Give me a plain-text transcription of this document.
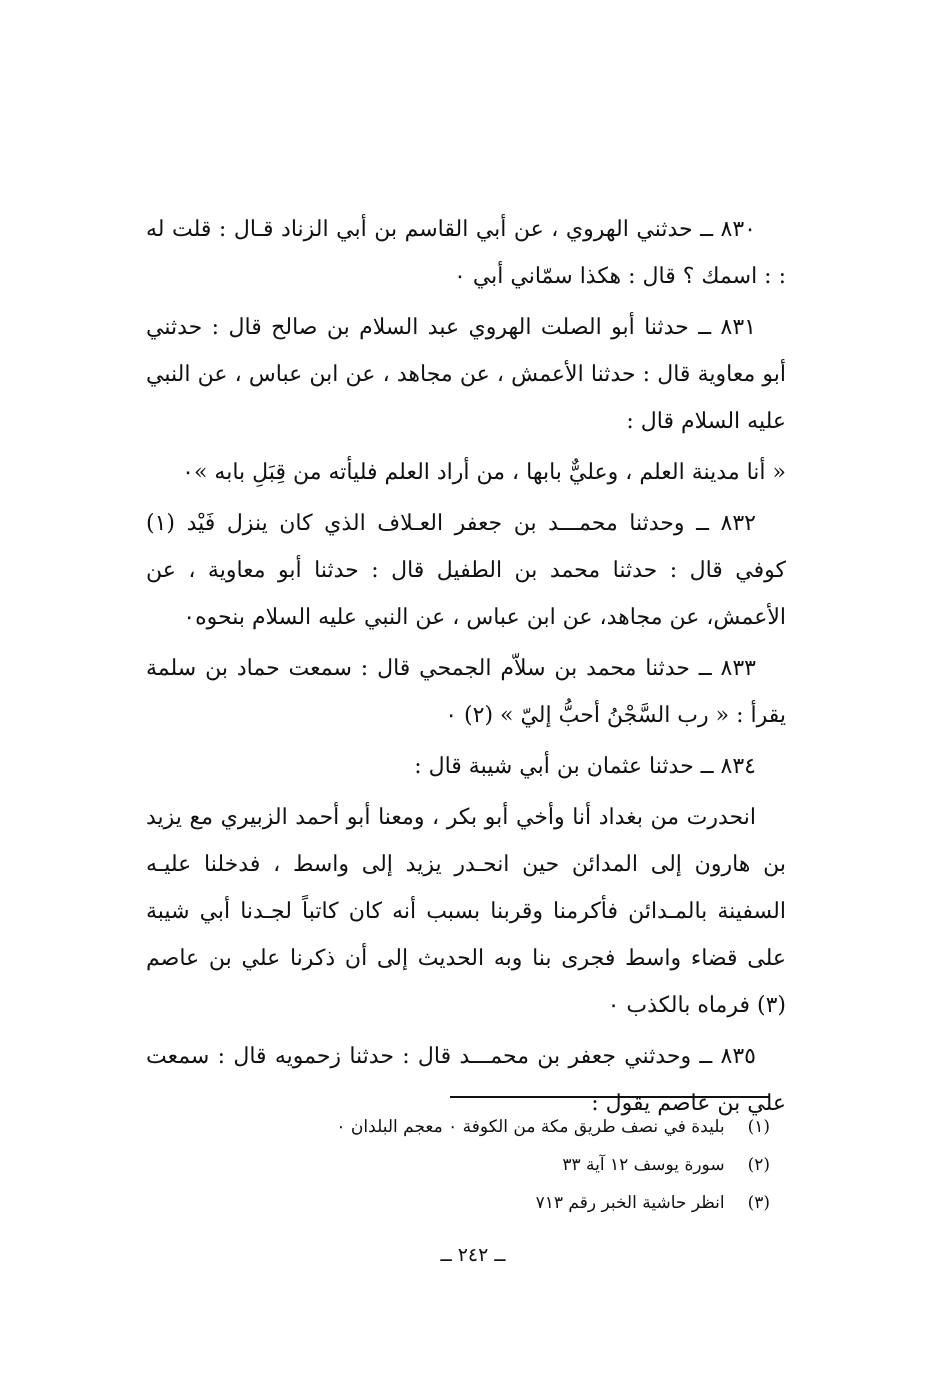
٨٣٠ ــ حدثني الهروي ، عن أبي القاسم بن أبي الزناد قـال : قلت له : : اسمك ؟ قال : هكذا سمّاني أبي ٠

٨٣١ ــ حدثنا أبو الصلت الهروي عبد السلام بن صالح قال : حدثني أبو معاوية قال : حدثنا الأعمش ، عن مجاهد ، عن ابن عباس ، عن النبي عليه السلام قال :

« أنا مدينة العلم ، وعليٌّ بابها ، من أراد العلم فليأته من قِبَلِ بابه »٠

٨٣٢ ــ وحدثنا محمـــد بن جعفر العـلاف الذي كان ينزل فَيْد (١) كوفي قال : حدثنا محمد بن الطفيل قال : حدثنا أبو معاوية ، عن الأعمش، عن مجاهد، عن ابن عباس ، عن النبي عليه السلام بنحوه٠

٨٣٣ ــ حدثنا محمد بن سلاّم الجمحي قال : سمعت حماد بن سلمة يقرأ : « رب السَّجْنُ أحبُّ إليّ » (٢) ٠

٨٣٤ ــ حدثنا عثمان بن أبي شيبة قال :

انحدرت من بغداد أنا وأخي أبو بكر ، ومعنا أبو أحمد الزبيري مع يزيد بن هارون إلى المدائن حين انحـدر يزيد إلى واسط ، فدخلنا عليـه السفينة بالمـدائن فأكرمنا وقربنا بسبب أنه كان كاتباً لجـدنا أبي شيبة على قضاء واسط فجرى بنا وبه الحديث إلى أن ذكرنا علي بن عاصم (٣) فرماه بالكذب ٠

٨٣٥ ــ وحدثني جعفر بن محمـــد قال : حدثنا زحمويه قال : سمعت علي بن عاصم يقول :

(١) بليدة في نصف طريق مكة من الكوفة ٠ معجم البلدان ٠
(٢) سورة يوسف ١٢ آية ٣٣
(٣) انظر حاشية الخبر رقم ٧١٣
ــ ٢٤٢ ــ
